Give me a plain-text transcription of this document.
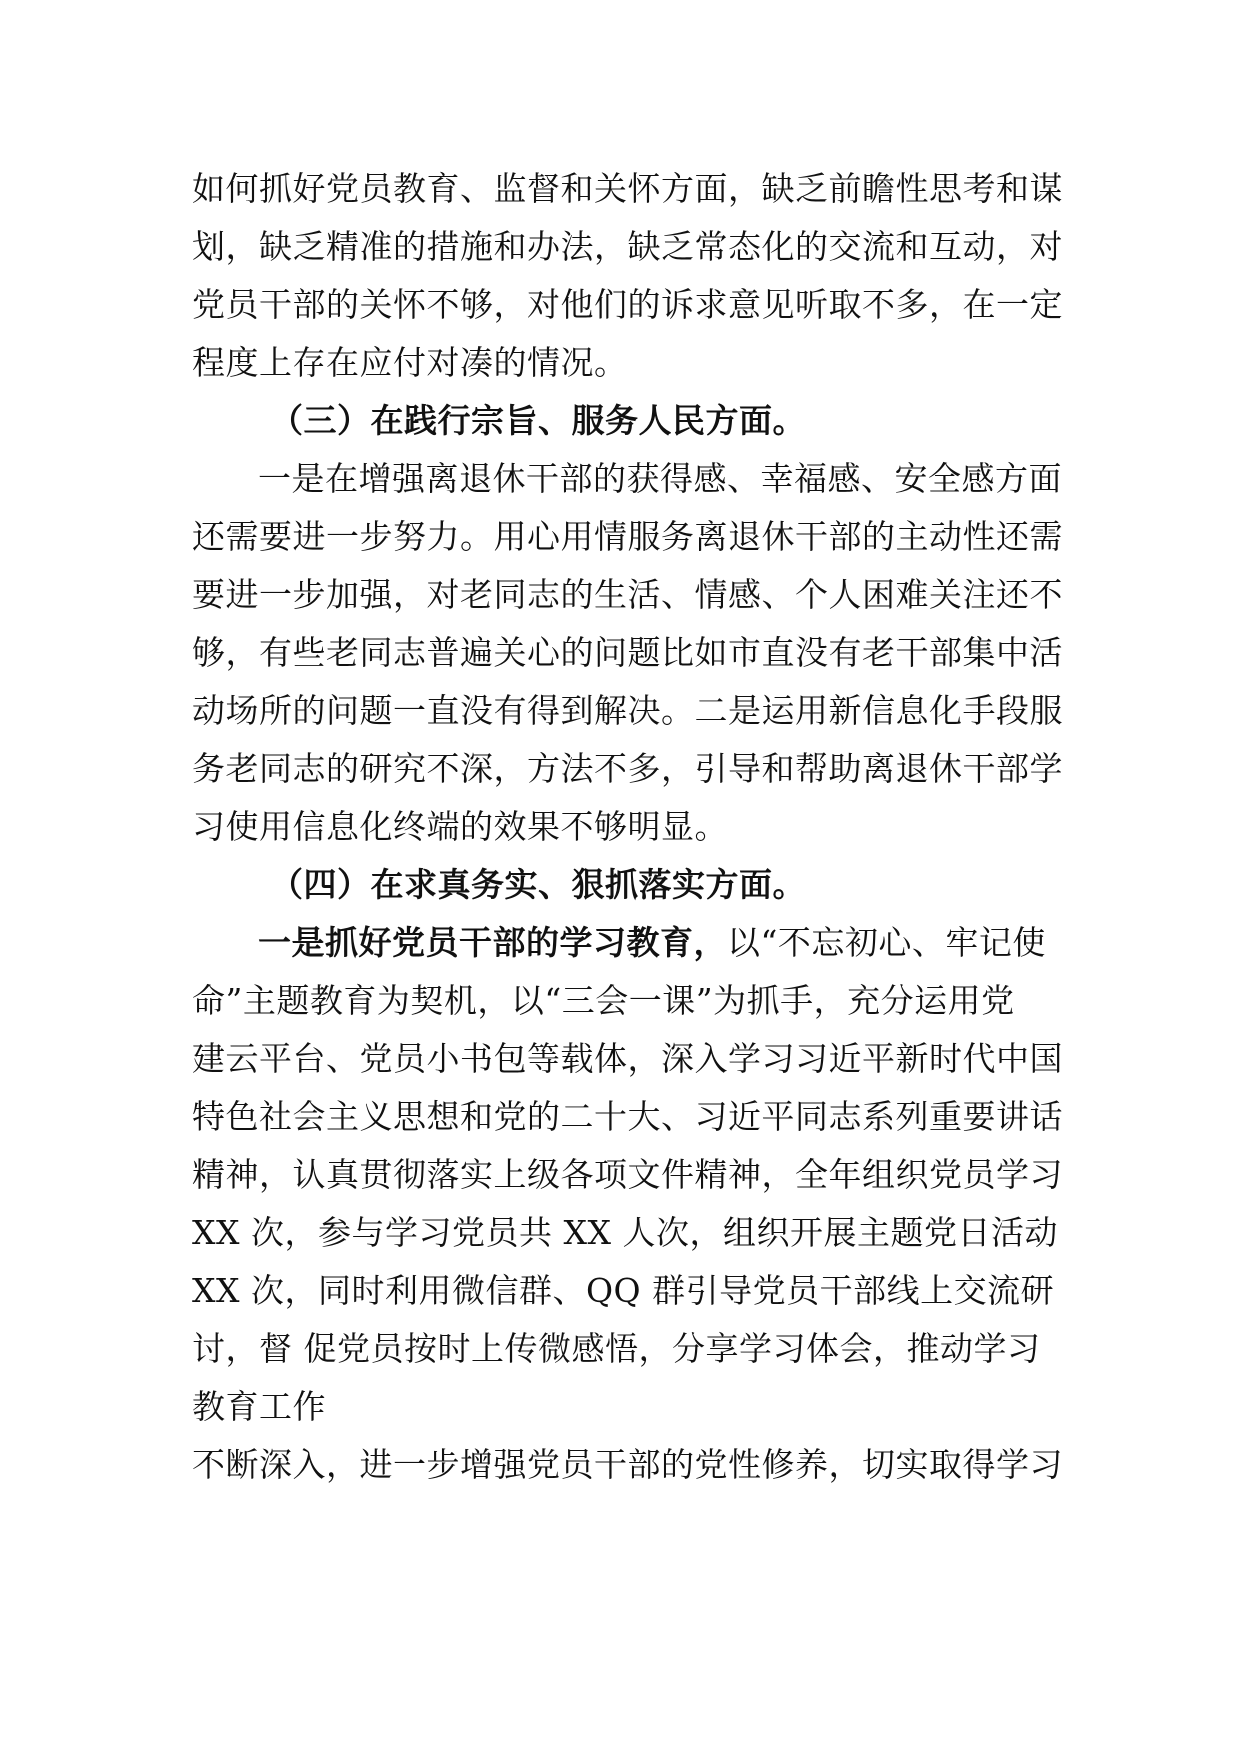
如何抓好党员教育、监督和关怀方面，缺乏前瞻性思考和谋
划，缺乏精准的措施和办法，缺乏常态化的交流和互动，对
党员干部的关怀不够，对他们的诉求意见听取不多，在一定
程度上存在应付对凑的情况。
（三）在践行宗旨、服务人民方面。
一是在增强离退休干部的获得感、幸福感、安全感方面
还需要进一步努力。用心用情服务离退休干部的主动性还需
要进一步加强，对老同志的生活、情感、个人困难关注还不
够，有些老同志普遍关心的问题比如市直没有老干部集中活
动场所的问题一直没有得到解决。二是运用新信息化手段服
务老同志的研究不深，方法不多，引导和帮助离退休干部学
习使用信息化终端的效果不够明显。
（四）在求真务实、狠抓落实方面。
一是抓好党员干部的学习教育，以“不忘初心、牢记使
命”主题教育为契机，以“三会一课”为抓手，充分运用党
建云平台、党员小书包等载体，深入学习习近平新时代中国
特色社会主义思想和党的二十大、习近平同志系列重要讲话
精神，认真贯彻落实上级各项文件精神，全年组织党员学习
XX 次，参与学习党员共 XX 人次，组织开展主题党日活动
XX 次，同时利用微信群、QQ 群引导党员干部线上交流研
讨，督 促党员按时上传微感悟，分享学习体会，推动学习
教育工作
不断深入，进一步增强党员干部的党性修养，切实取得学习
